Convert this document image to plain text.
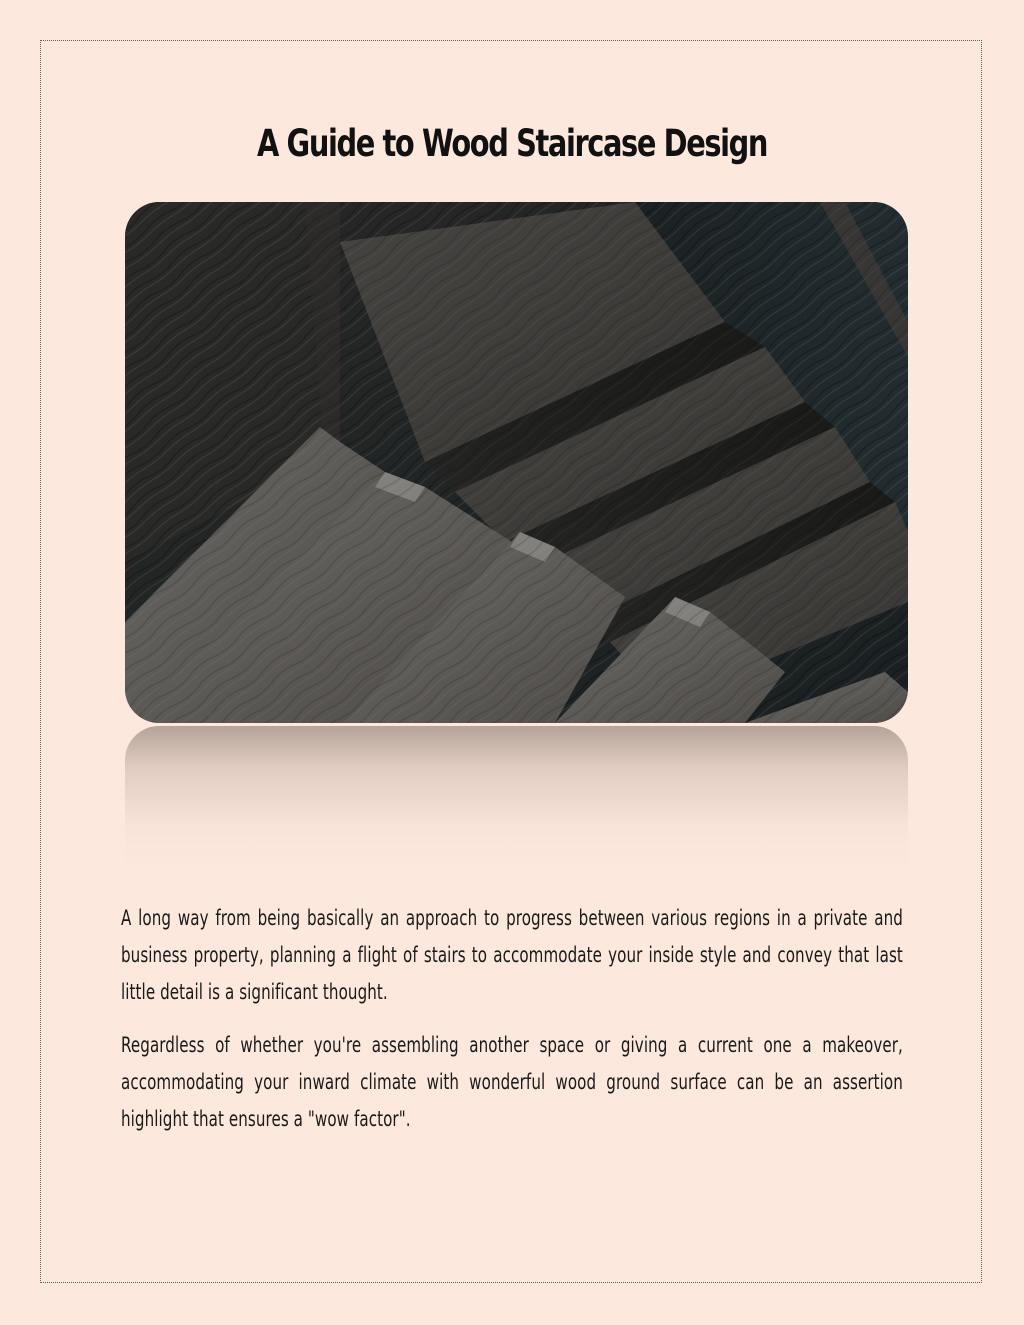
A Guide to Wood Staircase Design

A long way from being basically an approach to progress between various regions in a private and business property, planning a flight of stairs to accommodate your inside style and convey that last little detail is a significant thought.

Regardless of whether you're assembling another space or giving a current one a makeover, accommodating your inward climate with wonderful wood ground surface can be an assertion highlight that ensures a "wow factor".
